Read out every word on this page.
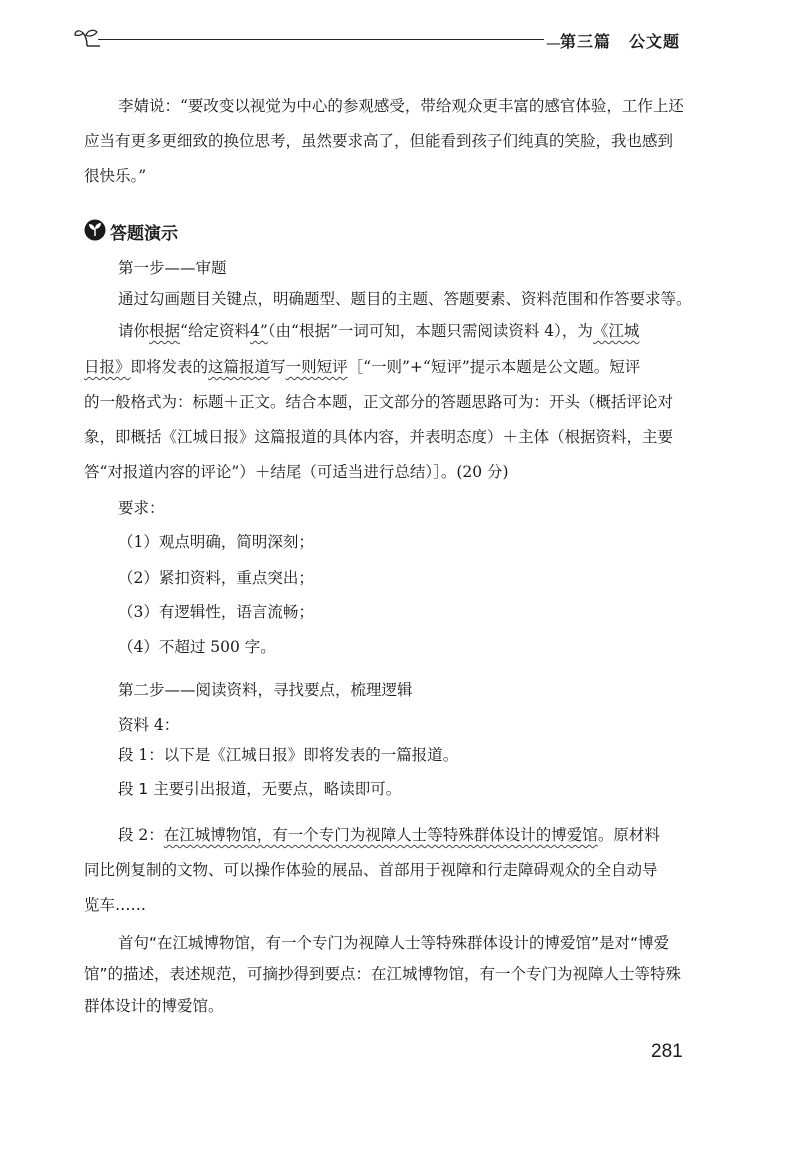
— 第三篇 公文题
李婧说：“要改变以视觉为中心的参观感受，带给观众更丰富的感官体验，工作上还
应当有更多更细致的换位思考，虽然要求高了，但能看到孩子们纯真的笑脸，我也感到
很快乐。”
答题演示
第一步——审题
通过勾画题目关键点，明确题型、题目的主题、答题要素、资料范围和作答要求等。
请你根据“给定资料4”（由“根据”一词可知，本题只需阅读资料 4），为《江城
日报》即将发表的这篇报道写一则短评［“一则”+“短评”提示本题是公文题。短评
的一般格式为：标题＋正文。结合本题，正文部分的答题思路可为：开头（概括评论对
象，即概括《江城日报》这篇报道的具体内容，并表明态度）＋主体（根据资料，主要
答“对报道内容的评论”）＋结尾（可适当进行总结）］。(20 分)
要求：
（1）观点明确，简明深刻；
（2）紧扣资料，重点突出；
（3）有逻辑性，语言流畅；
（4）不超过 500 字。
第二步——阅读资料，寻找要点，梳理逻辑
资料 4：
段 1：以下是《江城日报》即将发表的一篇报道。
段 1 主要引出报道，无要点，略读即可。
段 2：在江城博物馆，有一个专门为视障人士等特殊群体设计的博爱馆。原材料
同比例复制的文物、可以操作体验的展品、首部用于视障和行走障碍观众的全自动导
览车……
首句“在江城博物馆，有一个专门为视障人士等特殊群体设计的博爱馆”是对“博爱
馆”的描述，表述规范，可摘抄得到要点：在江城博物馆，有一个专门为视障人士等特殊
群体设计的博爱馆。
281
